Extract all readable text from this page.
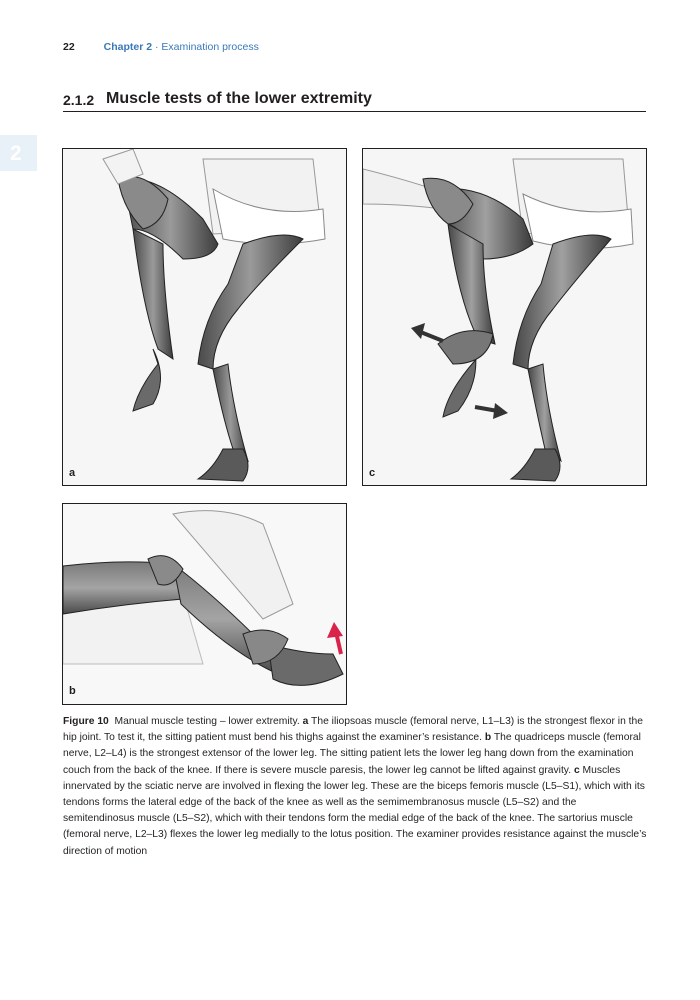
22	Chapter 2 · Examination process
2
2.1.2 Muscle tests of the lower extremity
a	c
b
Figure 10 Manual muscle testing – lower extremity. a The iliopsoas muscle (femoral nerve, L1–L3) is the strongest flexor in the hip joint. To test it, the sitting patient must bend his thighs against the examiner’s resistance. b The quadriceps muscle (femoral nerve, L2–L4) is the strongest extensor of the lower leg. The sitting patient lets the lower leg hang down from the examination couch from the back of the knee. If there is severe muscle paresis, the lower leg cannot be lifted against gravity. c Muscles innervated by the sciatic nerve are involved in flexing the lower leg. These are the biceps femoris muscle (L5–S1), which with its tendons forms the lateral edge of the back of the knee as well as the semimembranosus muscle (L5–S2) and the semitendinosus muscle (L5–S2), which with their tendons form the medial edge of the back of the knee. The sartorius muscle (femoral nerve, L2–L3) flexes the lower leg medially to the lotus position. The examiner provides resistance against the muscle’s direction of motion
